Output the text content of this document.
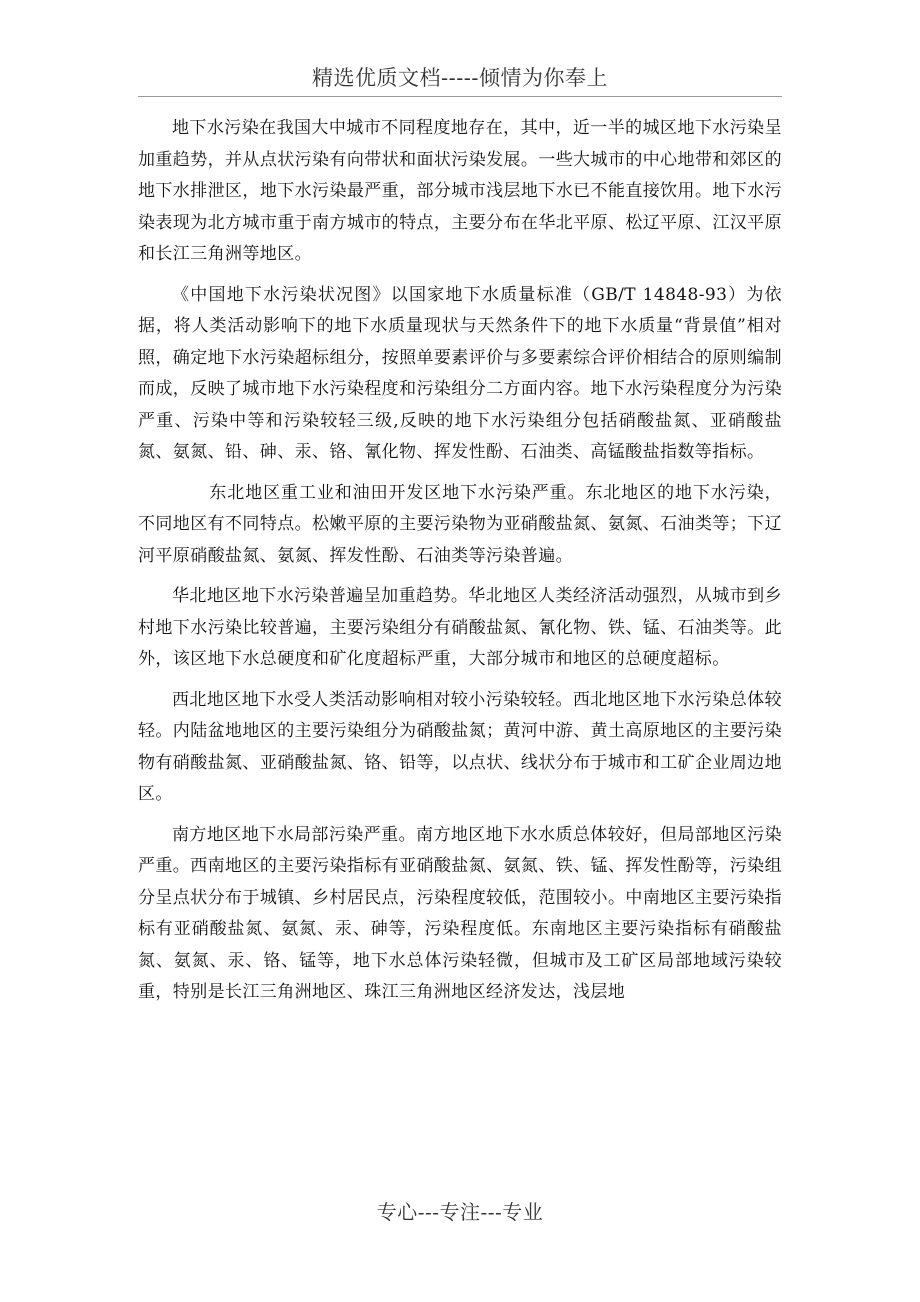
精选优质文档-----倾情为你奉上

地下水污染在我国大中城市不同程度地存在，其中，近一半的城区地下水污染呈加重趋势，并从点状污染有向带状和面状污染发展。一些大城市的中心地带和郊区的地下水排泄区，地下水污染最严重，部分城市浅层地下水已不能直接饮用。地下水污染表现为北方城市重于南方城市的特点，主要分布在华北平原、松辽平原、江汉平原和长江三角洲等地区。

《中国地下水污染状况图》以国家地下水质量标准（GB/T 14848-93）为依据，将人类活动影响下的地下水质量现状与天然条件下的地下水质量“背景值”相对照，确定地下水污染超标组分，按照单要素评价与多要素综合评价相结合的原则编制而成，反映了城市地下水污染程度和污染组分二方面内容。地下水污染程度分为污染严重、污染中等和污染较轻三级,反映的地下水污染组分包括硝酸盐氮、亚硝酸盐氮、氨氮、铅、砷、汞、铬、氰化物、挥发性酚、石油类、高锰酸盐指数等指标。

东北地区重工业和油田开发区地下水污染严重。东北地区的地下水污染，不同地区有不同特点。松嫩平原的主要污染物为亚硝酸盐氮、氨氮、石油类等；下辽河平原硝酸盐氮、氨氮、挥发性酚、石油类等污染普遍。

华北地区地下水污染普遍呈加重趋势。华北地区人类经济活动强烈，从城市到乡村地下水污染比较普遍，主要污染组分有硝酸盐氮、氰化物、铁、锰、石油类等。此外，该区地下水总硬度和矿化度超标严重，大部分城市和地区的总硬度超标。

西北地区地下水受人类活动影响相对较小污染较轻。西北地区地下水污染总体较轻。内陆盆地地区的主要污染组分为硝酸盐氮；黄河中游、黄土高原地区的主要污染物有硝酸盐氮、亚硝酸盐氮、铬、铅等，以点状、线状分布于城市和工矿企业周边地区。

南方地区地下水局部污染严重。南方地区地下水水质总体较好，但局部地区污染严重。西南地区的主要污染指标有亚硝酸盐氮、氨氮、铁、锰、挥发性酚等，污染组分呈点状分布于城镇、乡村居民点，污染程度较低，范围较小。中南地区主要污染指标有亚硝酸盐氮、氨氮、汞、砷等，污染程度低。东南地区主要污染指标有硝酸盐氮、氨氮、汞、铬、锰等，地下水总体污染轻微，但城市及工矿区局部地域污染较重，特别是长江三角洲地区、珠江三角洲地区经济发达，浅层地

专心---专注---专业
